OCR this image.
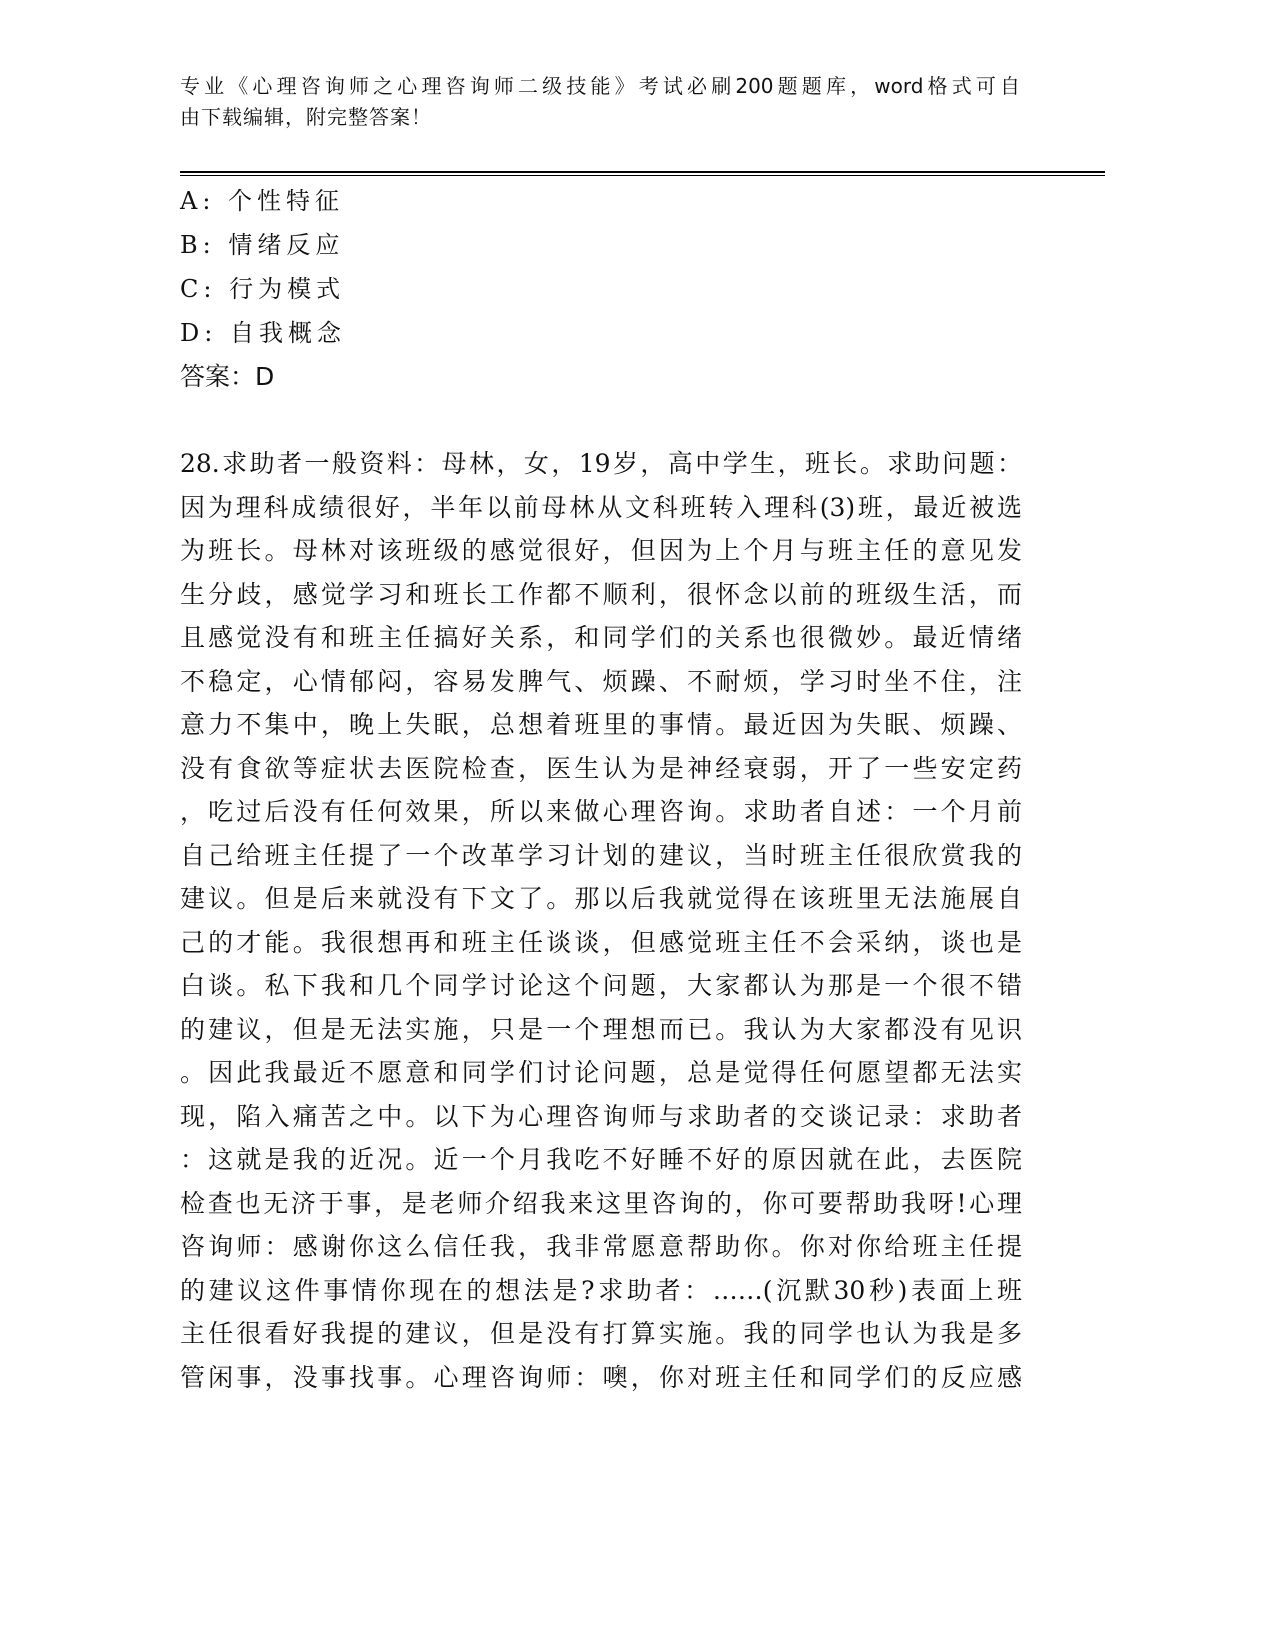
专业《心理咨询师之心理咨询师二级技能》考试必刷200题题库，word格式可自
由下载编辑，附完整答案！
A: 个性特征
B: 情绪反应
C: 行为模式
D: 自我概念
答案：D
28.求助者一般资料：母林，女，19岁，高中学生，班长。求助问题：
因为理科成绩很好，半年以前母林从文科班转入理科(3)班，最近被选
为班长。母林对该班级的感觉很好，但因为上个月与班主任的意见发
生分歧，感觉学习和班长工作都不顺利，很怀念以前的班级生活，而
且感觉没有和班主任搞好关系，和同学们的关系也很微妙。最近情绪
不稳定，心情郁闷，容易发脾气、烦躁、不耐烦，学习时坐不住，注
意力不集中，晚上失眠，总想着班里的事情。最近因为失眠、烦躁、
没有食欲等症状去医院检查，医生认为是神经衰弱，开了一些安定药
，吃过后没有任何效果，所以来做心理咨询。求助者自述：一个月前
自己给班主任提了一个改革学习计划的建议，当时班主任很欣赏我的
建议。但是后来就没有下文了。那以后我就觉得在该班里无法施展自
己的才能。我很想再和班主任谈谈，但感觉班主任不会采纳，谈也是
白谈。私下我和几个同学讨论这个问题，大家都认为那是一个很不错
的建议，但是无法实施，只是一个理想而已。我认为大家都没有见识
。因此我最近不愿意和同学们讨论问题，总是觉得任何愿望都无法实
现，陷入痛苦之中。以下为心理咨询师与求助者的交谈记录：求助者
：这就是我的近况。近一个月我吃不好睡不好的原因就在此，去医院
检查也无济于事，是老师介绍我来这里咨询的，你可要帮助我呀!心理
咨询师：感谢你这么信任我，我非常愿意帮助你。你对你给班主任提
的建议这件事情你现在的想法是?求助者：……(沉默30秒)表面上班
主任很看好我提的建议，但是没有打算实施。我的同学也认为我是多
管闲事，没事找事。心理咨询师：噢，你对班主任和同学们的反应感
